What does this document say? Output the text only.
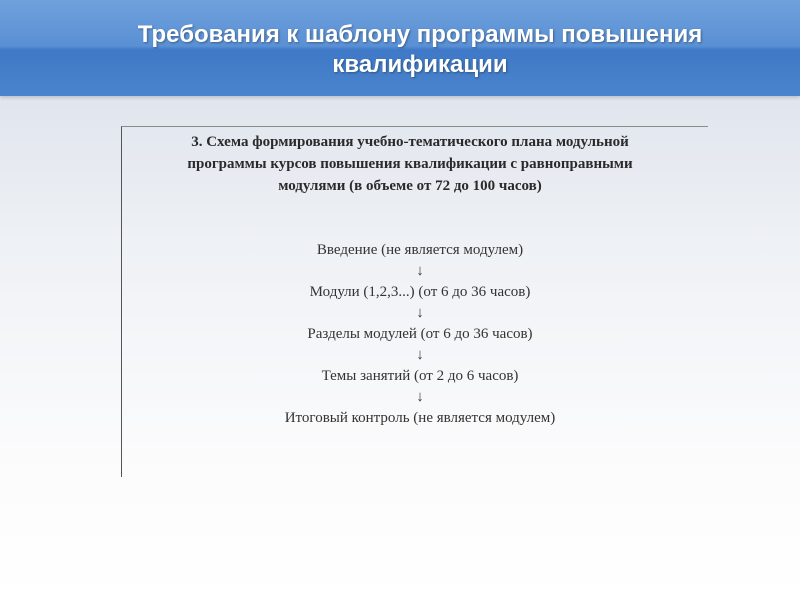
Требования к шаблону программы повышения
квалификации
3. Схема формирования учебно-тематического плана модульной
программы курсов повышения квалификации с равноправными
модулями (в объеме от 72 до 100 часов)
Введение (не является модулем)
↓
Модули (1,2,3...) (от 6 до 36 часов)
↓
Разделы модулей (от 6 до 36 часов)
↓
Темы занятий (от 2 до 6 часов)
↓
Итоговый контроль (не является модулем)
